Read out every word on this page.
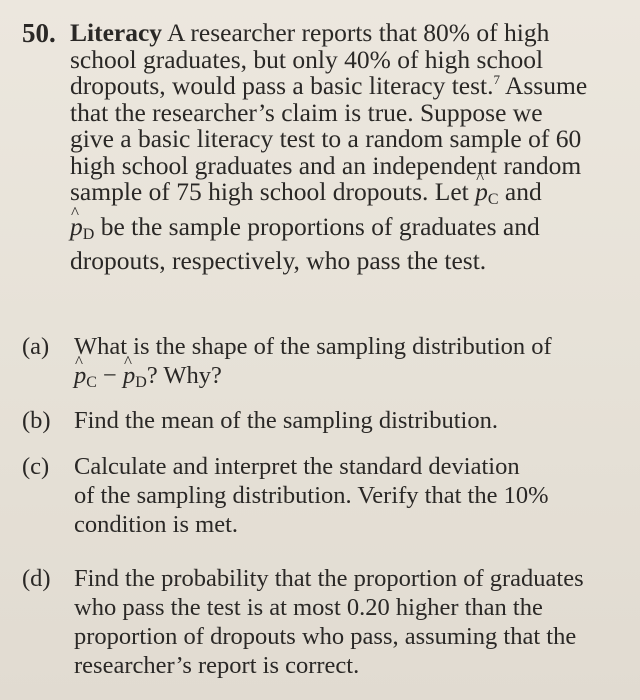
50. Literacy A researcher reports that 80% of high
school graduates, but only 40% of high school
dropouts, would pass a basic literacy test.$^7$ Assume
that the researcher’s claim is true. Suppose we
give a basic literacy test to a random sample of 60
high school graduates and an independent random
sample of 75 high school dropouts. Let ^ $p_C$ and
^ $p_D$ be the sample proportions of graduates and
dropouts, respectively, who pass the test.
(a) What is the shape of the sampling distribution of
^ $p_C$ − ^ $p_D$? Why?
(b) Find the mean of the sampling distribution.
(c) Calculate and interpret the standard deviation
of the sampling distribution. Verify that the 10%
condition is met.
(d) Find the probability that the proportion of graduates
who pass the test is at most 0.20 higher than the
proportion of dropouts who pass, assuming that the
researcher’s report is correct.
